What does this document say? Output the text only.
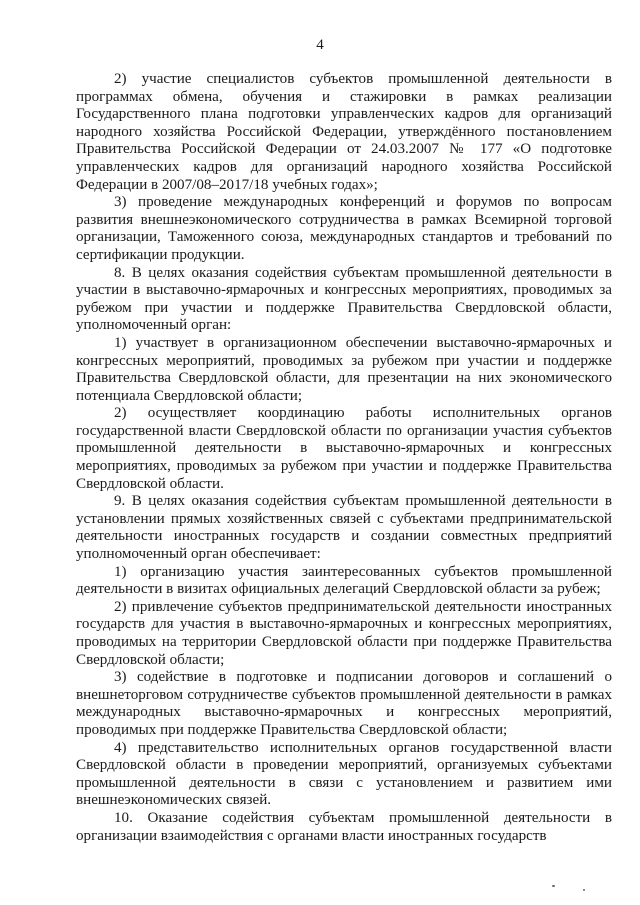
4

2) участие специалистов субъектов промышленной деятельности в программах обмена, обучения и стажировки в рамках реализации Государственного плана подготовки управленческих кадров для организаций народного хозяйства Российской Федерации, утверждённого постановлением Правительства Российской Федерации от 24.03.2007 № 177 «О подготовке управленческих кадров для организаций народного хозяйства Российской Федерации в 2007/08–2017/18 учебных годах»;

3) проведение международных конференций и форумов по вопросам развития внешнеэкономического сотрудничества в рамках Всемирной торговой организации, Таможенного союза, международных стандартов и требований по сертификации продукции.

8. В целях оказания содействия субъектам промышленной деятельности в участии в выставочно-ярмарочных и конгрессных мероприятиях, проводимых за рубежом при участии и поддержке Правительства Свердловской области, уполномоченный орган:

1) участвует в организационном обеспечении выставочно-ярмарочных и конгрессных мероприятий, проводимых за рубежом при участии и поддержке Правительства Свердловской области, для презентации на них экономического потенциала Свердловской области;

2) осуществляет координацию работы исполнительных органов государственной власти Свердловской области по организации участия субъектов промышленной деятельности в выставочно-ярмарочных и конгрессных мероприятиях, проводимых за рубежом при участии и поддержке Правительства Свердловской области.

9. В целях оказания содействия субъектам промышленной деятельности в установлении прямых хозяйственных связей с субъектами предпринимательской деятельности иностранных государств и создании совместных предприятий уполномоченный орган обеспечивает:

1) организацию участия заинтересованных субъектов промышленной деятельности в визитах официальных делегаций Свердловской области за рубеж;

2) привлечение субъектов предпринимательской деятельности иностранных государств для участия в выставочно-ярмарочных и конгрессных мероприятиях, проводимых на территории Свердловской области при поддержке Правительства Свердловской области;

3) содействие в подготовке и подписании договоров и соглашений о внешнеторговом сотрудничестве субъектов промышленной деятельности в рамках международных выставочно-ярмарочных и конгрессных мероприятий, проводимых при поддержке Правительства Свердловской области;

4) представительство исполнительных органов государственной власти Свердловской области в проведении мероприятий, организуемых субъектами промышленной деятельности в связи с установлением и развитием ими внешнеэкономических связей.

10. Оказание содействия субъектам промышленной деятельности в организации взаимодействия с органами власти иностранных государств
